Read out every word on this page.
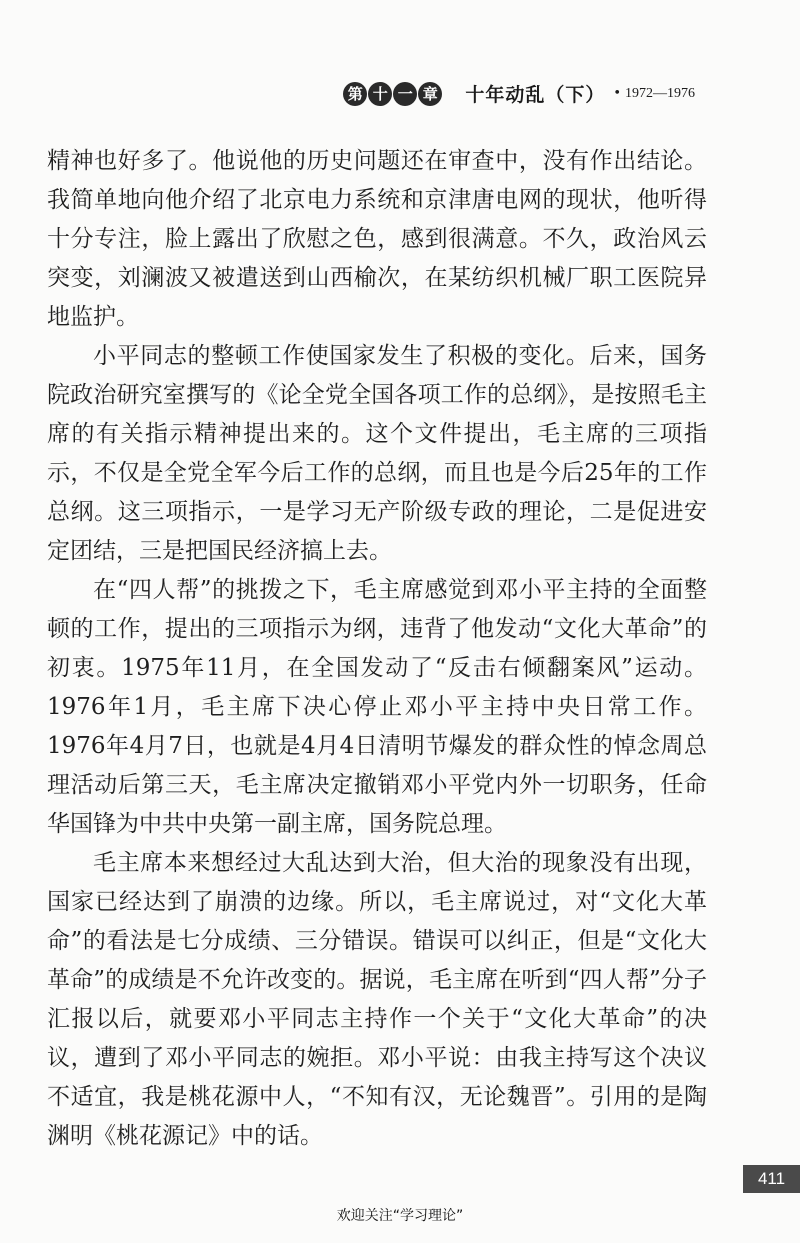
第 十 一 章 十年动乱（下） • 1972—1976

精神也好多了。他说他的历史问题还在审查中，没有作出结论。我简单地向他介绍了北京电力系统和京津唐电网的现状，他听得十分专注，脸上露出了欣慰之色，感到很满意。不久，政治风云突变，刘澜波又被遣送到山西榆次，在某纺织机械厂职工医院异地监护。

小平同志的整顿工作使国家发生了积极的变化。后来，国务院政治研究室撰写的《论全党全国各项工作的总纲》，是按照毛主席的有关指示精神提出来的。这个文件提出，毛主席的三项指示，不仅是全党全军今后工作的总纲，而且也是今后25年的工作总纲。这三项指示，一是学习无产阶级专政的理论，二是促进安定团结，三是把国民经济搞上去。

在“四人帮”的挑拨之下，毛主席感觉到邓小平主持的全面整顿的工作，提出的三项指示为纲，违背了他发动“文化大革命”的初衷。1975年11月，在全国发动了“反击右倾翻案风”运动。1976年1月，毛主席下决心停止邓小平主持中央日常工作。1976年4月7日，也就是4月4日清明节爆发的群众性的悼念周总理活动后第三天，毛主席决定撤销邓小平党内外一切职务，任命华国锋为中共中央第一副主席，国务院总理。

毛主席本来想经过大乱达到大治，但大治的现象没有出现，国家已经达到了崩溃的边缘。所以，毛主席说过，对“文化大革命”的看法是七分成绩、三分错误。错误可以纠正，但是“文化大革命”的成绩是不允许改变的。据说，毛主席在听到“四人帮”分子汇报以后，就要邓小平同志主持作一个关于“文化大革命”的决议，遭到了邓小平同志的婉拒。邓小平说：由我主持写这个决议不适宜，我是桃花源中人，“不知有汉，无论魏晋”。引用的是陶渊明《桃花源记》中的话。

411
欢迎关注“学习理论”
